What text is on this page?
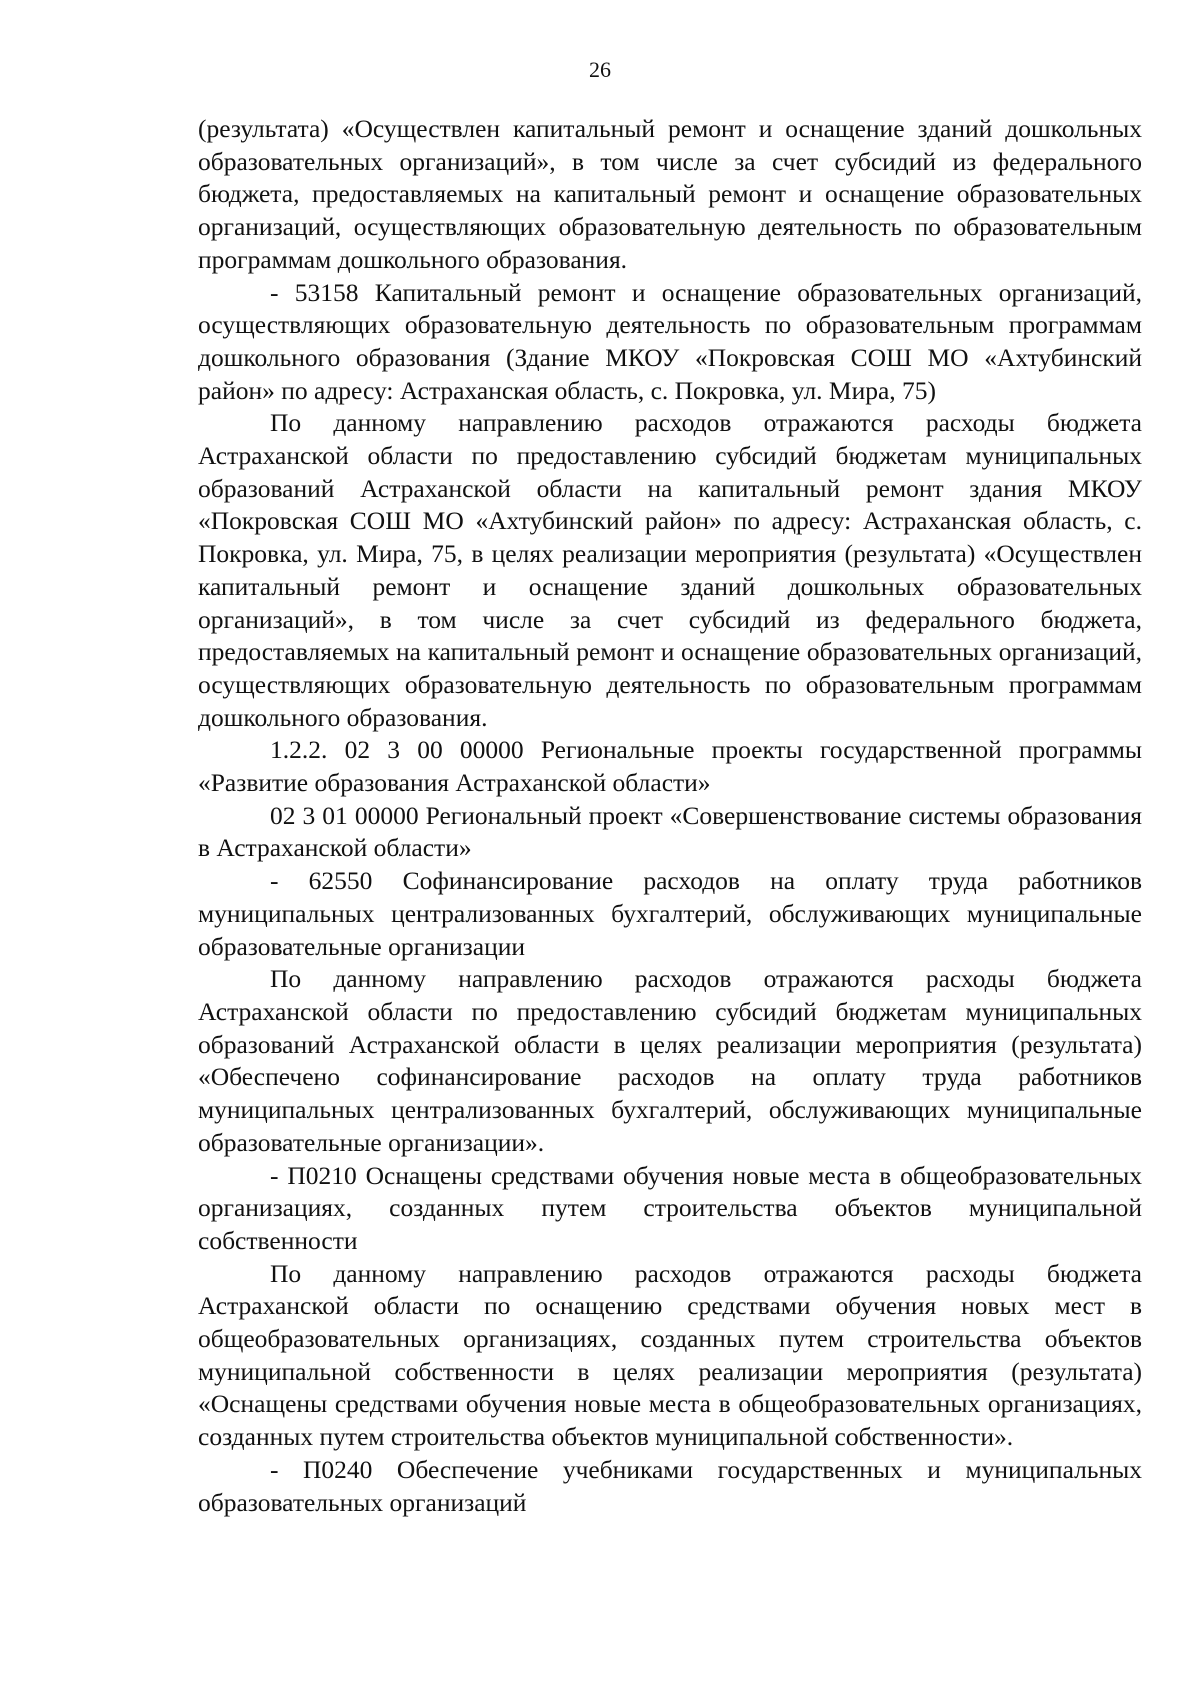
26

(результата) «Осуществлен капитальный ремонт и оснащение зданий дошкольных образовательных организаций», в том числе за счет субсидий из федерального бюджета, предоставляемых на капитальный ремонт и оснащение образовательных организаций, осуществляющих образовательную деятельность по образовательным программам дошкольного образования.

- 53158 Капитальный ремонт и оснащение образовательных организаций, осуществляющих образовательную деятельность по образовательным программам дошкольного образования (Здание МКОУ «Покровская СОШ МО «Ахтубинский район» по адресу: Астраханская область, с. Покровка, ул. Мира, 75)

По данному направлению расходов отражаются расходы бюджета Астраханской области по предоставлению субсидий бюджетам муниципальных образований Астраханской области на капитальный ремонт здания МКОУ «Покровская СОШ МО «Ахтубинский район» по адресу: Астраханская область, с. Покровка, ул. Мира, 75, в целях реализации мероприятия (результата) «Осуществлен капитальный ремонт и оснащение зданий дошкольных образовательных организаций», в том числе за счет субсидий из федерального бюджета, предоставляемых на капитальный ремонт и оснащение образовательных организаций, осуществляющих образовательную деятельность по образовательным программам дошкольного образования.

1.2.2. 02 3 00 00000 Региональные проекты государственной программы «Развитие образования Астраханской области»

02 3 01 00000 Региональный проект «Совершенствование системы образования в Астраханской области»

- 62550 Софинансирование расходов на оплату труда работников муниципальных централизованных бухгалтерий, обслуживающих муниципальные образовательные организации

По данному направлению расходов отражаются расходы бюджета Астраханской области по предоставлению субсидий бюджетам муниципальных образований Астраханской области в целях реализации мероприятия (результата) «Обеспечено софинансирование расходов на оплату труда работников муниципальных централизованных бухгалтерий, обслуживающих муниципальные образовательные организации».

- П0210 Оснащены средствами обучения новые места в общеобразовательных организациях, созданных путем строительства объектов муниципальной собственности

По данному направлению расходов отражаются расходы бюджета Астраханской области по оснащению средствами обучения новых мест в общеобразовательных организациях, созданных путем строительства объектов муниципальной собственности в целях реализации мероприятия (результата) «Оснащены средствами обучения новые места в общеобразовательных организациях, созданных путем строительства объектов муниципальной собственности».

- П0240 Обеспечение учебниками государственных и муниципальных образовательных организаций
